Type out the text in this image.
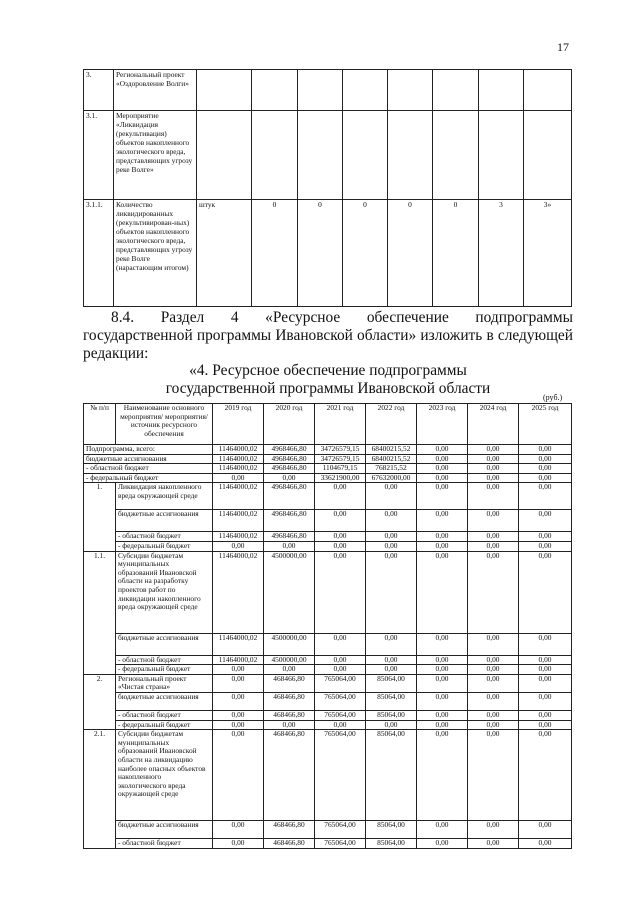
17
3.	Региональный проект «Оздоровление Волги»								
3.1.	Мероприятие «Ликвидация (рекультивация) объектов накопленного экологического вреда, представляющих угрозу реке Волге»								
3.1.1.	Количество ликвидированных (рекультивирован-ных) объектов накопленного экологического вреда, представляющих угрозу реке Волге (нарастающим итогом)	штук	0	0	0	0	0	3	3»
8.4. Раздел 4 «Ресурсное обеспечение подпрограммы
государственной программы Ивановской области» изложить в следующей редакции:
«4. Ресурсное обеспечение подпрограммы
государственной программы Ивановской области
(руб.)
№ п/п	Наименование основного мероприятия/ мероприятия/ источник ресурсного обеспечения	2019 год	2020 год	2021 год	2022 год	2023 год	2024 год	2025 год
Подпрограмма, всего:		11464000,02	4968466,80	34726579,15	68400215,52	0,00	0,00	0,00
бюджетные ассигнования		11464000,02	4968466,80	34726579,15	68400215,52	0,00	0,00	0,00
- областной бюджет		11464000,02	4968466,80	1104679,15	768215,52	0,00	0,00	0,00
- федеральный бюджет		0,00	0,00	33621900,00	67632000,00	0,00	0,00	0,00
1.	Ликвидация накопленного вреда окружающей среде	11464000,02	4968466,80	0,00	0,00	0,00	0,00	0,00
	бюджетные ассигнования	11464000,02	4968466,80	0,00	0,00	0,00	0,00	0,00
	- областной бюджет	11464000,02	4968466,80	0,00	0,00	0,00	0,00	0,00
	- федеральный бюджет	0,00	0,00	0,00	0,00	0,00	0,00	0,00
1.1.	Субсидии бюджетам муниципальных образований Ивановской области на разработку проектов работ по ликвидации накопленного вреда окружающей среде	11464000,02	4500000,00	0,00	0,00	0,00	0,00	0,00
	бюджетные ассигнования	11464000,02	4500000,00	0,00	0,00	0,00	0,00	0,00
	- областной бюджет	11464000,02	4500000,00	0,00	0,00	0,00	0,00	0,00
	- федеральный бюджет	0,00	0,00	0,00	0,00	0,00	0,00	0,00
2.	Региональный проект «Чистая страна»	0,00	468466,80	765064,00	85064,00	0,00	0,00	0,00
	бюджетные ассигнования	0,00	468466,80	765064,00	85064,00	0,00	0,00	0,00
	- областной бюджет	0,00	468466,80	765064,00	85064,00	0,00	0,00	0,00
	- федеральный бюджет	0,00	0,00	0,00	0,00	0,00	0,00	0,00
2.1.	Субсидии бюджетам муниципальных образований Ивановской области на ликвидацию наиболее опасных объектов накопленного экологического вреда окружающей среде	0,00	468466,80	765064,00	85064,00	0,00	0,00	0,00
	бюджетные ассигнования	0,00	468466,80	765064,00	85064,00	0,00	0,00	0,00
	- областной бюджет	0,00	468466,80	765064,00	85064,00	0,00	0,00	0,00
